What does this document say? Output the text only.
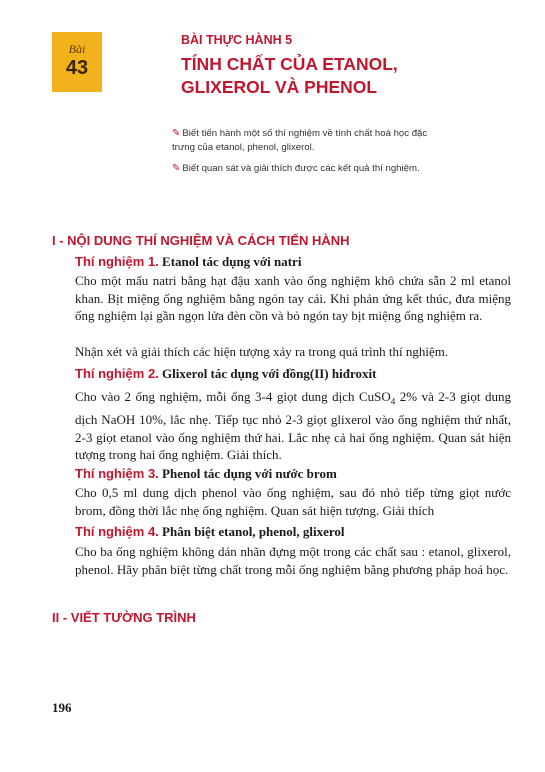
Bài
43
BÀI THỰC HÀNH 5
TÍNH CHẤT CỦA ETANOL,
GLIXEROL VÀ PHENOL
✎ Biết tiến hành một số thí nghiệm về tính chất hoá học đặc
trưng của etanol, phenol, glixerol.
✎ Biết quan sát và giải thích được các kết quả thí nghiệm.
I - NỘI DUNG THÍ NGHIỆM VÀ CÁCH TIẾN HÀNH
Thí nghiệm 1. Etanol tác dụng với natri
Cho một mẩu natri bằng hạt đậu xanh vào ống nghiệm khô chứa sẵn 2 ml etanol khan. Bịt miệng ống nghiệm bằng ngón tay cái. Khi phản ứng kết thúc, đưa miệng ống nghiệm lại gần ngọn lửa đèn cồn và bỏ ngón tay bịt miệng ống nghiệm ra.
Nhận xét và giải thích các hiện tượng xảy ra trong quá trình thí nghiệm.
Thí nghiệm 2. Glixerol tác dụng với đồng(II) hiđroxit
Cho vào 2 ống nghiệm, mỗi ống 3-4 giọt dung dịch CuSO$_4$ 2% và 2-3 giọt dung dịch NaOH 10%, lắc nhẹ. Tiếp tục nhỏ 2-3 giọt glixerol vào ống nghiệm thứ nhất, 2-3 giọt etanol vào ống nghiệm thứ hai. Lắc nhẹ cả hai ống nghiệm. Quan sát hiện tượng trong hai ống nghiệm. Giải thích.
Thí nghiệm 3. Phenol tác dụng với nước brom
Cho 0,5 ml dung dịch phenol vào ống nghiệm, sau đó nhỏ tiếp từng giọt nước brom, đồng thời lắc nhẹ ống nghiệm. Quan sát hiện tượng. Giải thích
Thí nghiệm 4. Phân biệt etanol, phenol, glixerol
Cho ba ống nghiệm không dán nhãn đựng một trong các chất sau : etanol, glixerol, phenol. Hãy phân biệt từng chất trong mỗi ống nghiệm bằng phương pháp hoá học.
II - VIẾT TƯỜNG TRÌNH
196
